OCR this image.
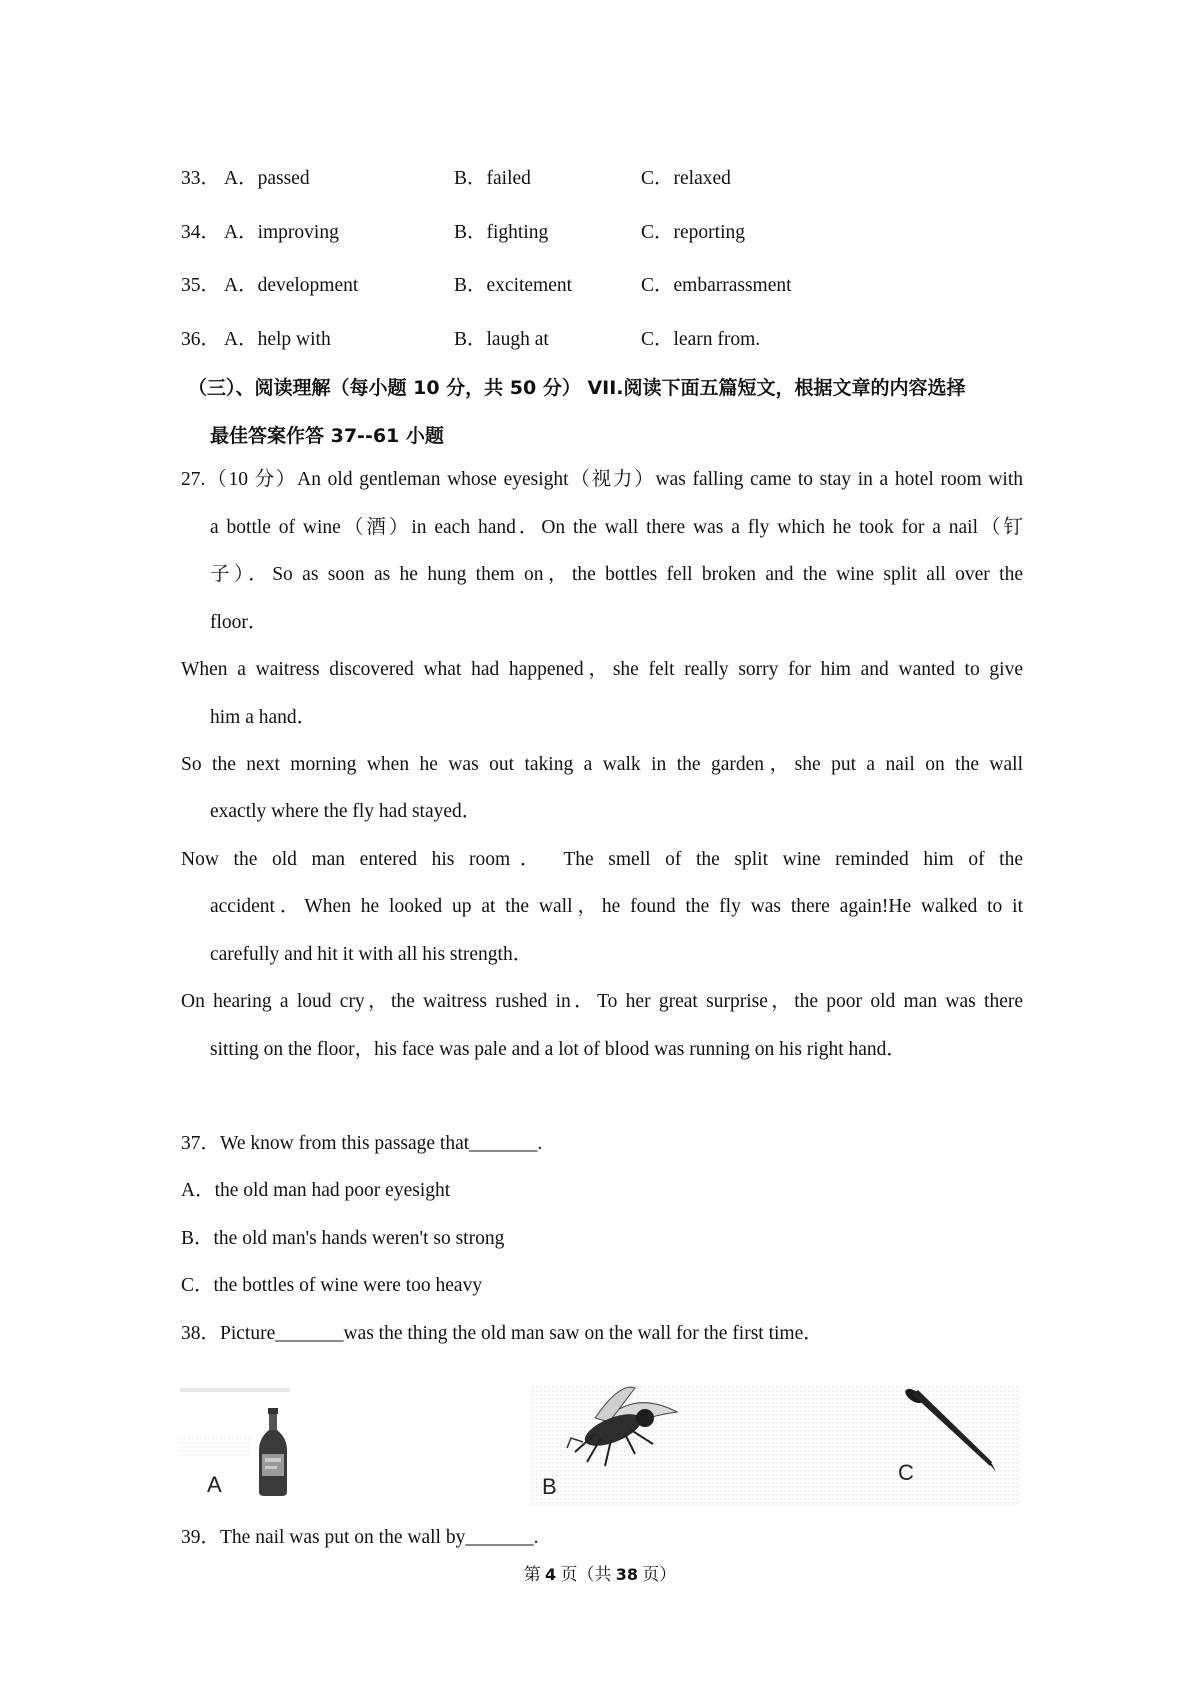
33． A．passed	B．failed	C．relaxed
34． A．improving	B．fighting	C．reporting
35． A．development	B．excitement	C．embarrassment
36． A．help with	B．laugh at	C．learn from.
（三）、阅读理解（每小题 10 分，共 50 分） VII.阅读下面五篇短文，根据文章的内容选择
最佳答案作答 37--61 小题
27.（10 分）An old gentleman whose eyesight（视力）was falling came to stay in a hotel room with
a bottle of wine（酒）in each hand．On the wall there was a fly which he took for a nail（钉
子）．So as soon as he hung them on，the bottles fell broken and the wine split all over the
floor．
When a waitress discovered what had happened，she felt really sorry for him and wanted to give
him a hand．
So the next morning when he was out taking a walk in the garden，she put a nail on the wall
exactly where the fly had stayed．
Now the old man entered his room． The smell of the split wine reminded him of the
accident．When he looked up at the wall，he found the fly was there again!He walked to it
carefully and hit it with all his strength．
On hearing a loud cry，the waitress rushed in．To her great surprise，the poor old man was there
sitting on the floor，his face was pale and a lot of blood was running on his right hand．
37．We know from this passage that_______.
A．the old man had poor eyesight
B．the old man's hands weren't so strong
C．the bottles of wine were too heavy
38．Picture_______was the thing the old man saw on the wall for the first time．
A	B
C
39．The nail was put on the wall by_______.
第 4 页（共 38 页）
